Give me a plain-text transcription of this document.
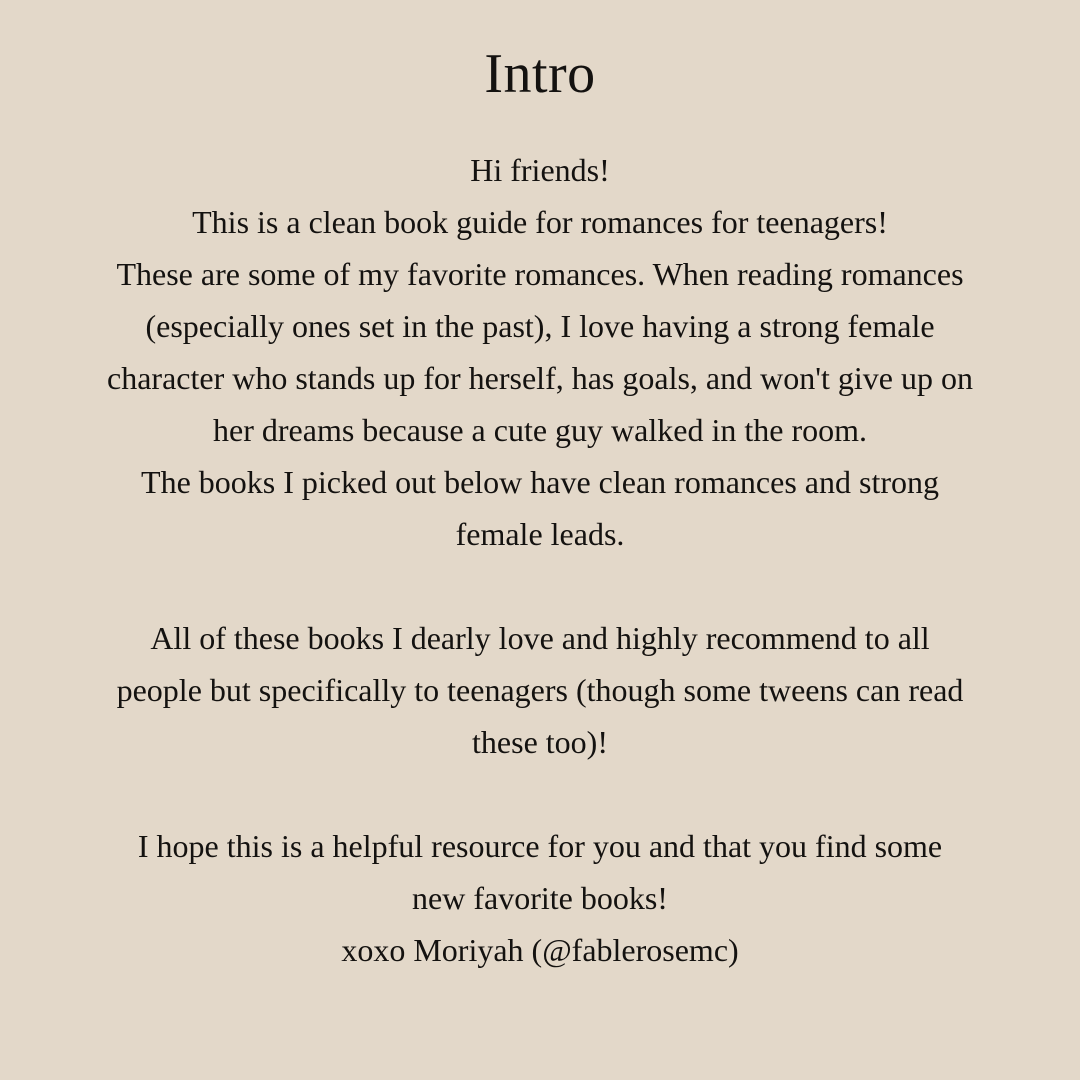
Intro
Hi friends!
This is a clean book guide for romances for teenagers!
These are some of my favorite romances. When reading romances
(especially ones set in the past), I love having a strong female
character who stands up for herself, has goals, and won't give up on
her dreams because a cute guy walked in the room.
The books I picked out below have clean romances and strong
female leads.
All of these books I dearly love and highly recommend to all
people but specifically to teenagers (though some tweens can read
these too)!
I hope this is a helpful resource for you and that you find some
new favorite books!
xoxo Moriyah (@fablerosemc)
